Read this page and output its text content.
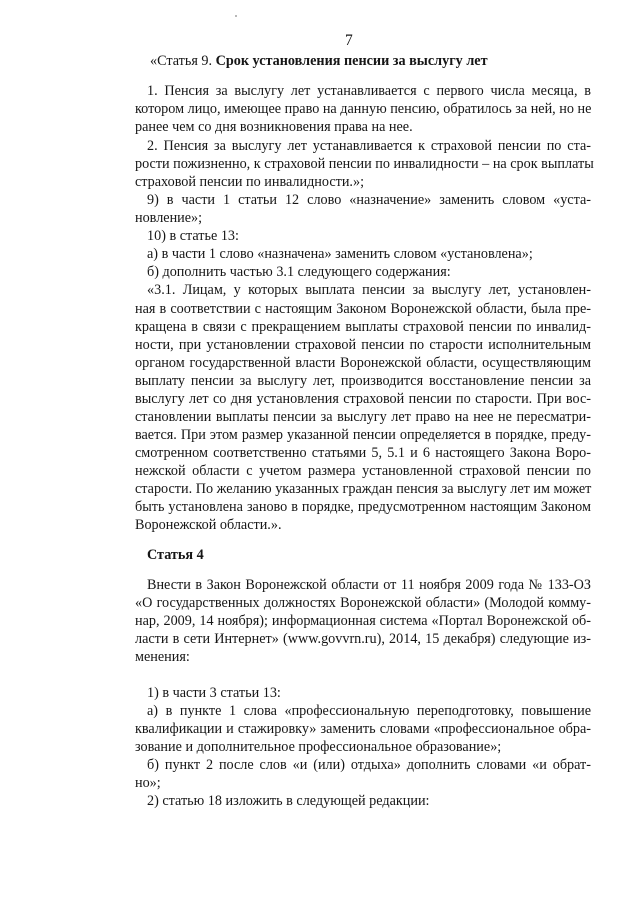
7

«Статья 9. Срок установления пенсии за выслугу лет

1. Пенсия за выслугу лет устанавливается с первого числа месяца, в

котором лицо, имеющее право на данную пенсию, обратилось за ней, но не

ранее чем со дня возникновения права на нее.

2. Пенсия за выслугу лет устанавливается к страховой пенсии по ста-

рости пожизненно, к страховой пенсии по инвалидности – на срок выплаты

страховой пенсии по инвалидности.»;

9) в части 1 статьи 12 слово «назначение» заменить словом «уста-

новление»;

10) в статье 13:

а) в части 1 слово «назначена» заменить словом «установлена»;

б) дополнить частью 3.1 следующего содержания:

«3.1. Лицам, у которых выплата пенсии за выслугу лет, установлен-

ная в соответствии с настоящим Законом Воронежской области, была пре-

кращена в связи с прекращением выплаты страховой пенсии по инвалид-

ности, при установлении страховой пенсии по старости исполнительным

органом государственной власти Воронежской области, осуществляющим

выплату пенсии за выслугу лет, производится восстановление пенсии за

выслугу лет со дня установления страховой пенсии по старости. При вос-

становлении выплаты пенсии за выслугу лет право на нее не пересматри-

вается. При этом размер указанной пенсии определяется в порядке, преду-

смотренном соответственно статьями 5, 5.1 и 6 настоящего Закона Воро-

нежской области с учетом размера установленной страховой пенсии по

старости. По желанию указанных граждан пенсия за выслугу лет им может

быть установлена заново в порядке, предусмотренном настоящим Законом

Воронежской области.».

Статья 4

Внести в Закон Воронежской области от 11 ноября 2009 года № 133-ОЗ

«О государственных должностях Воронежской области» (Молодой комму-

нар, 2009, 14 ноября); информационная система «Портал Воронежской об-

ласти в сети Интернет» (www.govvrn.ru), 2014, 15 декабря) следующие из-

менения:

1) в части 3 статьи 13:

а) в пункте 1 слова «профессиональную переподготовку, повышение

квалификации и стажировку» заменить словами «профессиональное обра-

зование и дополнительное профессиональное образование»;

б) пункт 2 после слов «и (или) отдыха» дополнить словами «и обрат-

но»;

2) статью 18 изложить в следующей редакции:
